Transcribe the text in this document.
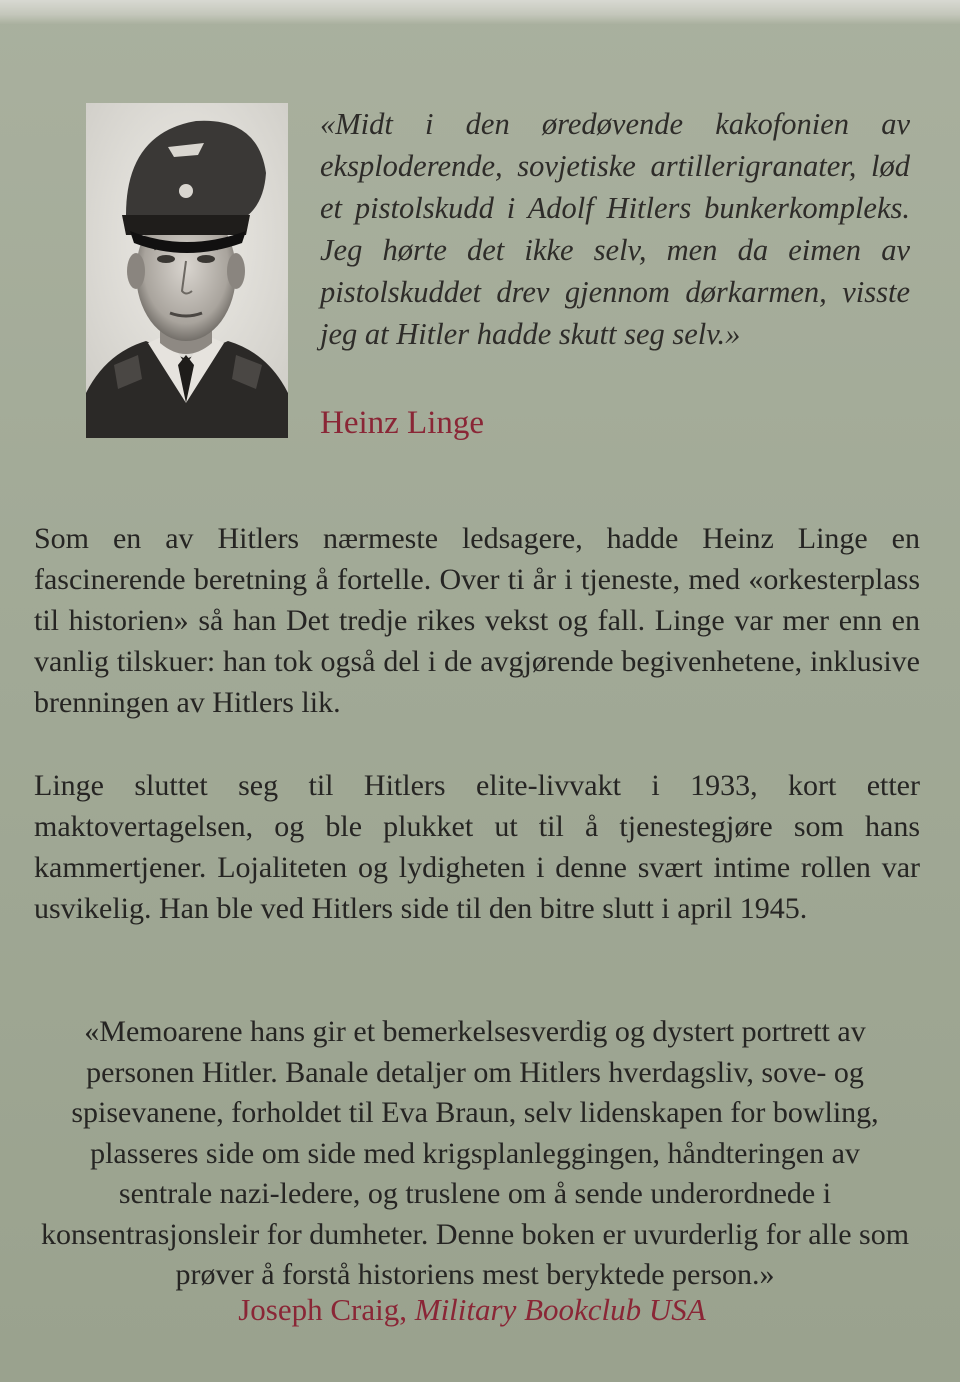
«Midt i den øredøvende kakofonien av eksploderende, sovjetiske artillerigranater, lød et pistolskudd i Adolf Hitlers bunkerkompleks. Jeg hørte det ikke selv, men da eimen av pistolskuddet drev gjennom dørkarmen, visste jeg at Hitler hadde skutt seg selv.»

Heinz Linge

Som en av Hitlers nærmeste ledsagere, hadde Heinz Linge en fascinerende beretning å fortelle. Over ti år i tjeneste, med «orkesterplass til historien» så han Det tredje rikes vekst og fall. Linge var mer enn en vanlig tilskuer: han tok også del i de avgjørende begivenhetene, inklusive brenningen av Hitlers lik.

Linge sluttet seg til Hitlers elite-livvakt i 1933, kort etter maktovertagelsen, og ble plukket ut til å tjenestegjøre som hans kammertjener. Lojaliteten og lydigheten i denne svært intime rollen var usvikelig. Han ble ved Hitlers side til den bitre slutt i april 1945.

«Memoarene hans gir et bemerkelsesverdig og dystert portrett av personen Hitler. Banale detaljer om Hitlers hverdagsliv, sove- og spisevanene, forholdet til Eva Braun, selv lidenskapen for bowling, plasseres side om side med krigsplanleggingen, håndteringen av sentrale nazi-ledere, og truslene om å sende underordnede i konsentrasjonsleir for dumheter. Denne boken er uvurderlig for alle som prøver å forstå historiens mest beryktede person.»

Joseph Craig, Military Bookclub USA
